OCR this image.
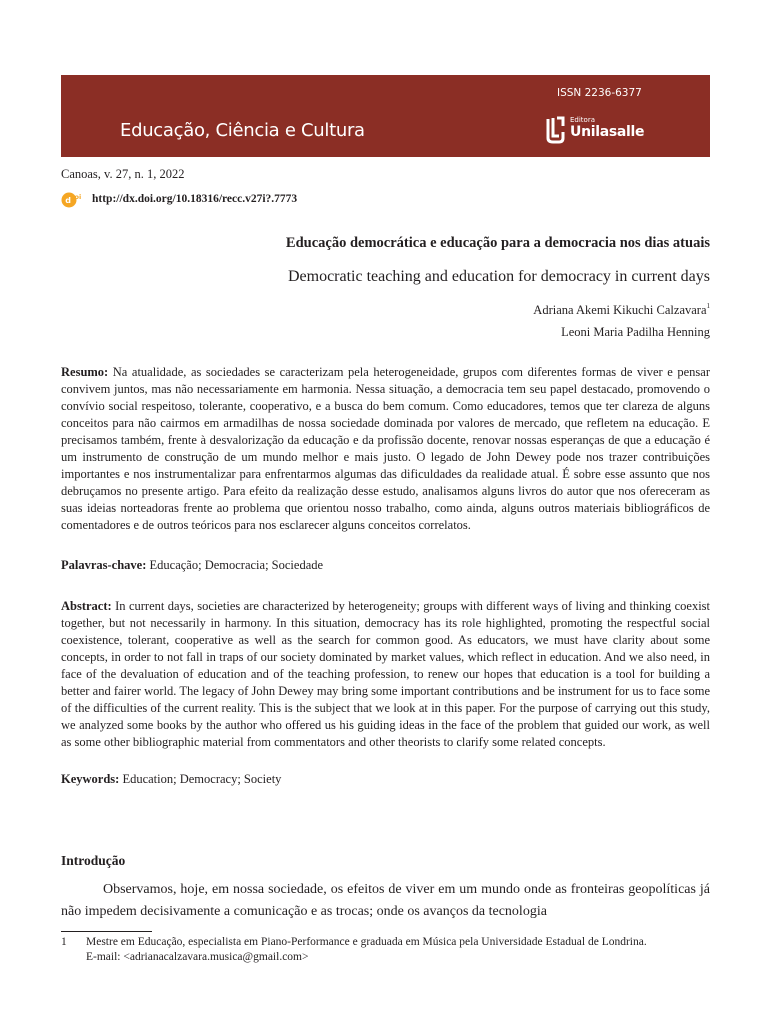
ISSN 2236-6377
Educação, Ciência e Cultura	Editora
Unilasalle
Canoas, v. 27, n. 1, 2022
d oi http://dx.doi.org/10.18316/recc.v27i?.7773
Educação democrática e educação para a democracia nos dias atuais
Democratic teaching and education for democracy in current days
Adriana Akemi Kikuchi Calzavara$^1$
Leoni Maria Padilha Henning

Resumo: Na atualidade, as sociedades se caracterizam pela heterogeneidade, grupos com diferentes formas de viver e pensar convivem juntos, mas não necessariamente em harmonia. Nessa situação, a democracia tem seu papel destacado, promovendo o convívio social respeitoso, tolerante, cooperativo, e a busca do bem comum. Como educadores, temos que ter clareza de alguns conceitos para não cairmos em armadilhas de nossa sociedade dominada por valores de mercado, que refletem na educação. E precisamos também, frente à desvalorização da educação e da profissão docente, renovar nossas esperanças de que a educação é um instrumento de construção de um mundo melhor e mais justo. O legado de John Dewey pode nos trazer contribuições importantes e nos instrumentalizar para enfrentarmos algumas das dificuldades da realidade atual. É sobre esse assunto que nos debruçamos no presente artigo. Para efeito da realização desse estudo, analisamos alguns livros do autor que nos ofereceram as suas ideias norteadoras frente ao problema que orientou nosso trabalho, como ainda, alguns outros materiais bibliográficos de comentadores e de outros teóricos para nos esclarecer alguns conceitos correlatos.

Palavras-chave: Educação; Democracia; Sociedade

Abstract: In current days, societies are characterized by heterogeneity; groups with different ways of living and thinking coexist together, but not necessarily in harmony. In this situation, democracy has its role highlighted, promoting the respectful social coexistence, tolerant, cooperative as well as the search for common good. As educators, we must have clarity about some concepts, in order to not fall in traps of our society dominated by market values, which reflect in education. And we also need, in face of the devaluation of education and of the teaching profession, to renew our hopes that education is a tool for building a better and fairer world. The legacy of John Dewey may bring some important contributions and be instrument for us to face some of the difficulties of the current reality. This is the subject that we look at in this paper. For the purpose of carrying out this study, we analyzed some books by the author who offered us his guiding ideas in the face of the problem that guided our work, as well as some other bibliographic material from commentators and other theorists to clarify some related concepts.

Keywords: Education; Democracy; Society
Introdução

Observamos, hoje, em nossa sociedade, os efeitos de viver em um mundo onde as fronteiras geopolíticas já não impedem decisivamente a comunicação e as trocas; onde os avanços da tecnologia

1 Mestre em Educação, especialista em Piano-Performance e graduada em Música pela Universidade Estadual de Londrina.
E-mail: <adrianacalzavara.musica@gmail.com>
